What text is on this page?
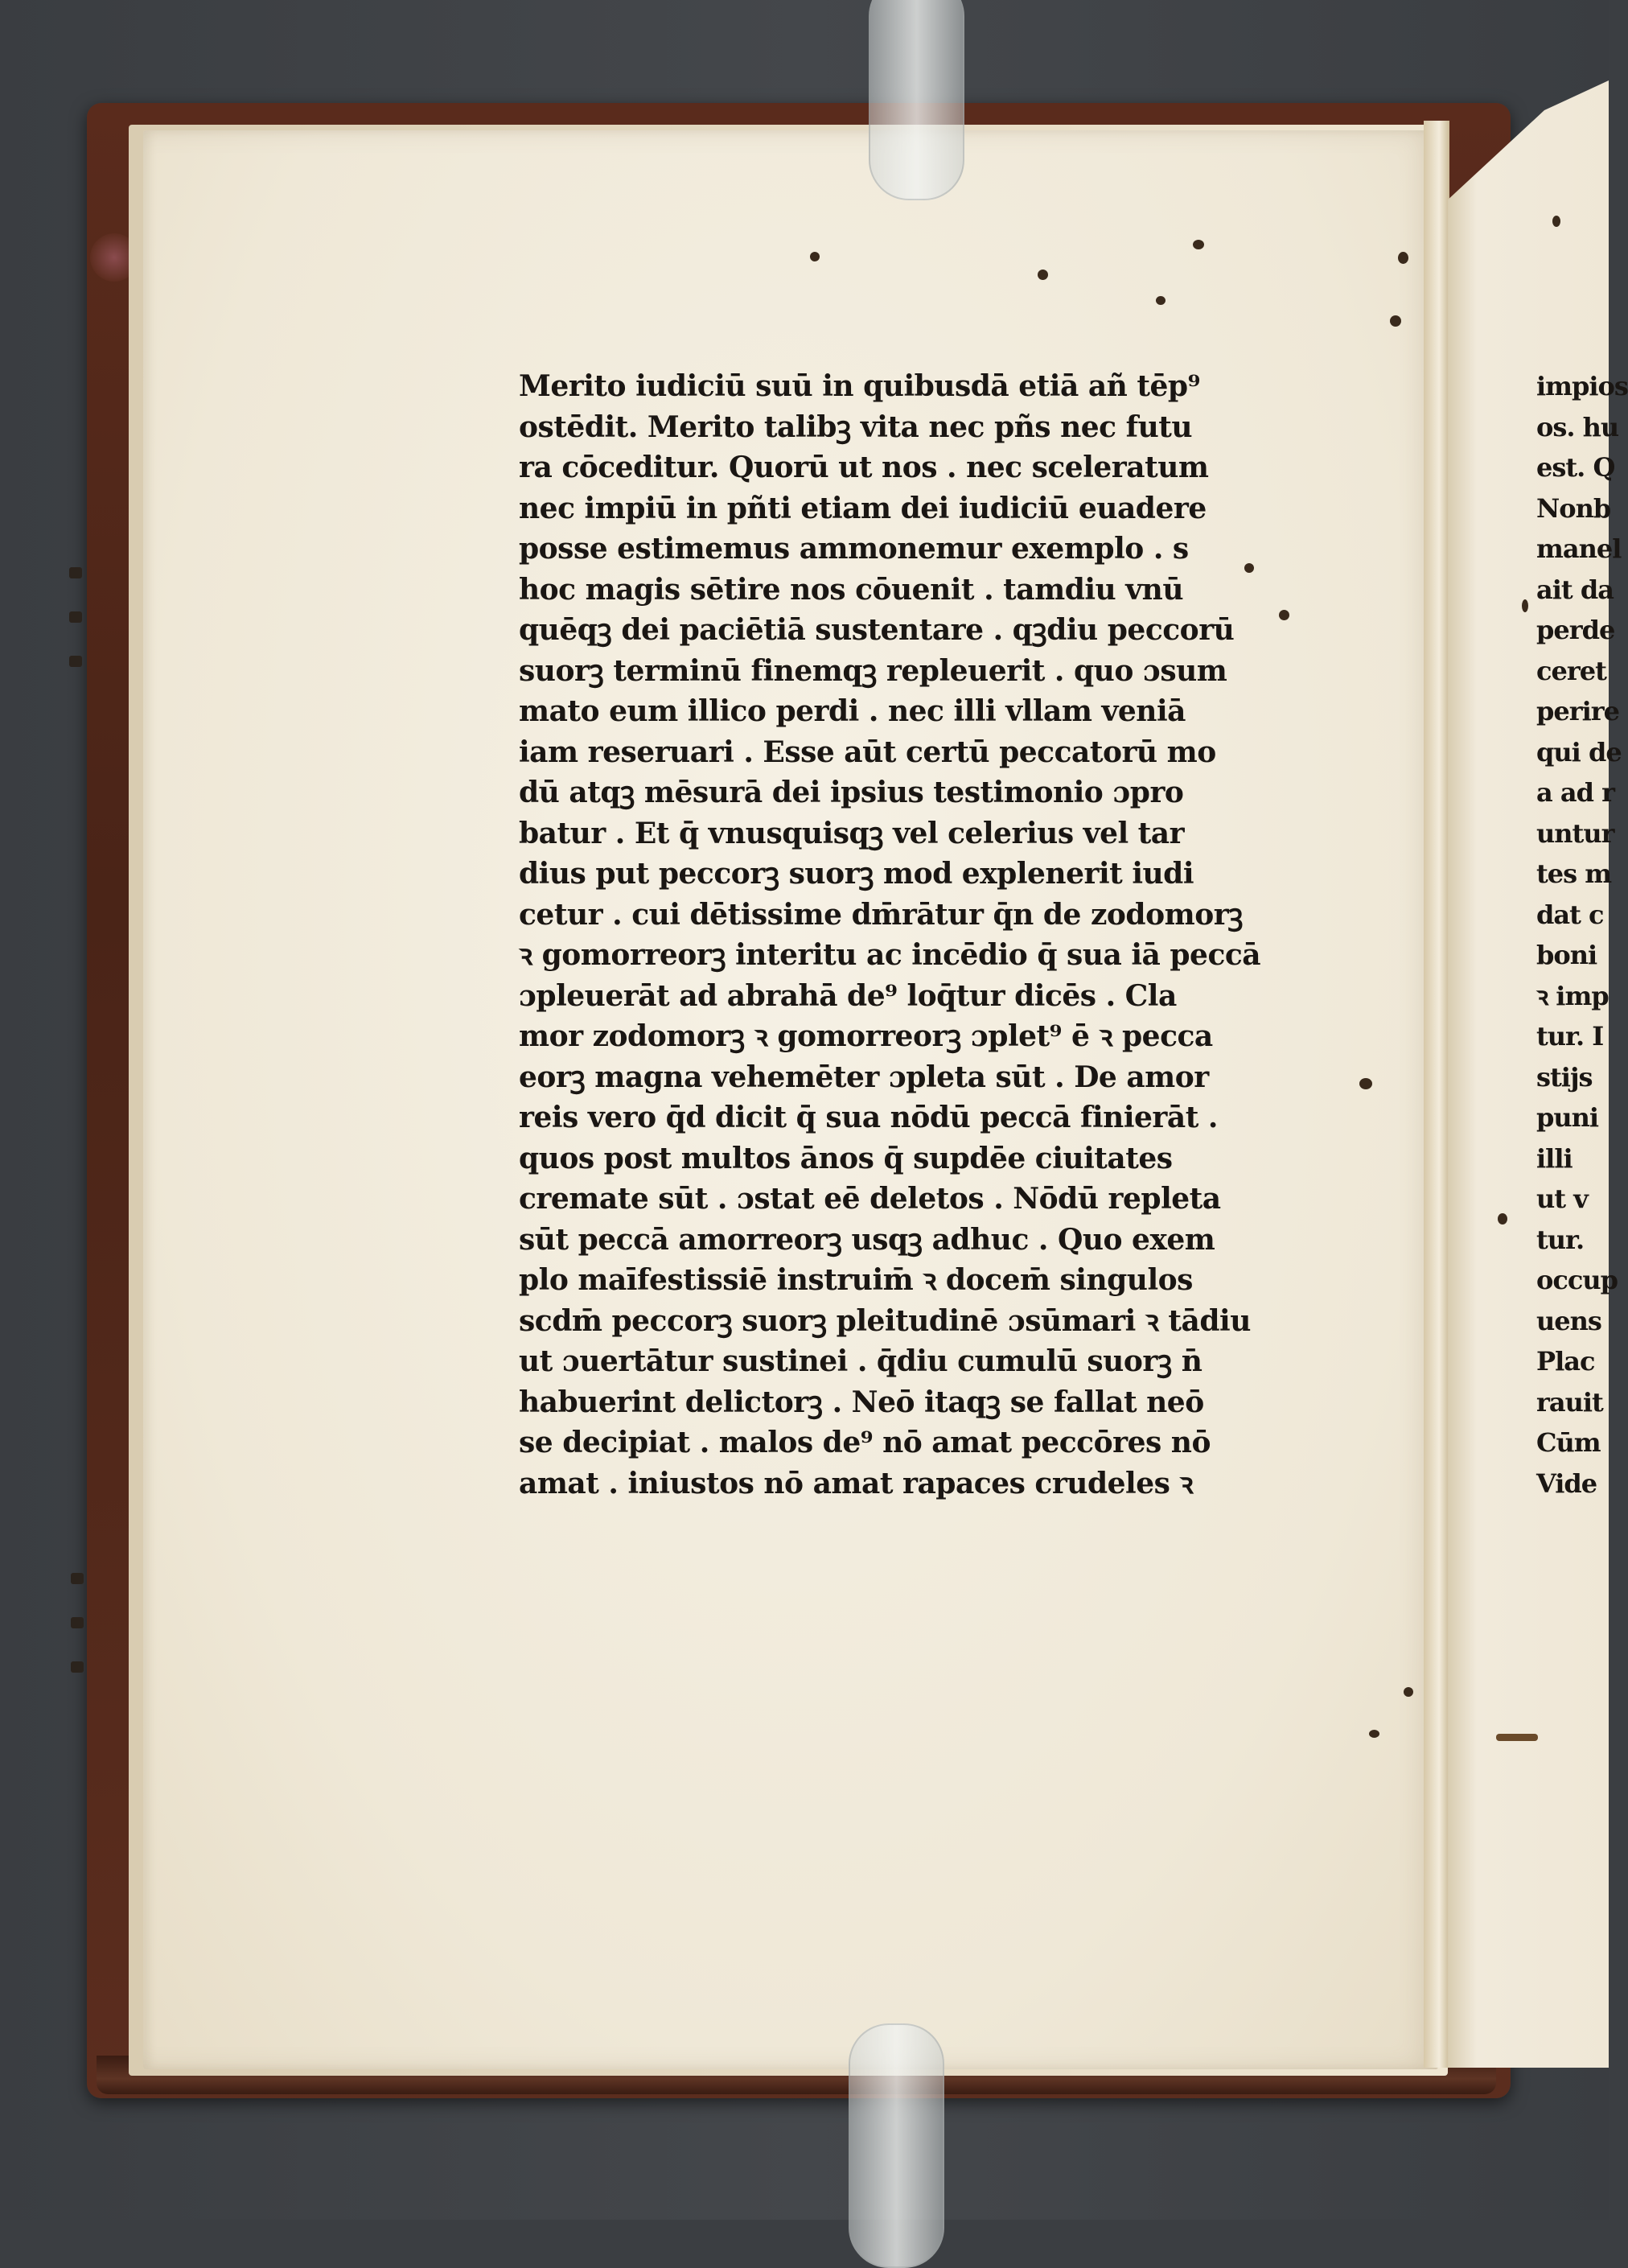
Merito iudiciū suū in quibusdā etiā añ tēp⁹
ostēdit. Merito talibꝫ vita nec pñs nec futu
ra cōceditur. Quorū ut nos . nec sceleratum
nec impiū in pñti etiam dei iudiciū euadere
posse estimemus ammonemur exemplo . s
hoc magis sētire nos cōuenit . tamdiu vnū
quēqꝫ dei paciētiā sustentare . qꝫdiu peccorū
suorꝫ terminū finemqꝫ repleuerit . quo ɔsum
mato eum illico perdi . nec illi vllam veniā
iam reseruari . Esse aūt certū peccatorū mo
dū atqꝫ mēsurā dei ipsius testimonio ɔpro
batur . Et q̄ vnusquisqꝫ vel celerius vel tar
dius put peccorꝫ suorꝫ mod explenerit iudi
cetur . cui dētissime dm̄rātur q̄n de zodomorꝫ
ꝛ gomorreorꝫ interitu ac incēdio q̄ sua iā peccā
ɔpleuerāt ad abrahā de⁹ loq̄tur dicēs . Cla
mor zodomorꝫ ꝛ gomorreorꝫ ɔplet⁹ ē ꝛ pecca
eorꝫ magna vehemēter ɔpleta sūt . De amor
reis vero q̄d dicit q̄ sua nōdū peccā finierāt .
quos post multos ānos q̄ supdēe ciuitates
cremate sūt . ɔstat eē deletos . Nōdū repleta
sūt peccā amorreorꝫ usqꝫ adhuc . Quo exem
plo maīfestissiē instruim̄ ꝛ docem̄ singulos
scdm̄ peccorꝫ suorꝫ pleitudinē ɔsūmari ꝛ tādiu
ut ɔuertātur sustinei . q̄diu cumulū suorꝫ n̄
habuerint delictorꝫ . Neō itaqꝫ se fallat neō
se decipiat . malos de⁹ nō amat peccōres nō
amat . iniustos nō amat rapaces crudeles ꝛ
impios
os. hu
est. Q
Nonb
manel
ait da
perde
ceret
perire
qui de
a ad r
untur
tes m
dat c
boni
ꝛ imp
tur. I
stijs
puni
illi
ut v
tur.
occup
uens
Plac
rauit
Cūm
Vide
